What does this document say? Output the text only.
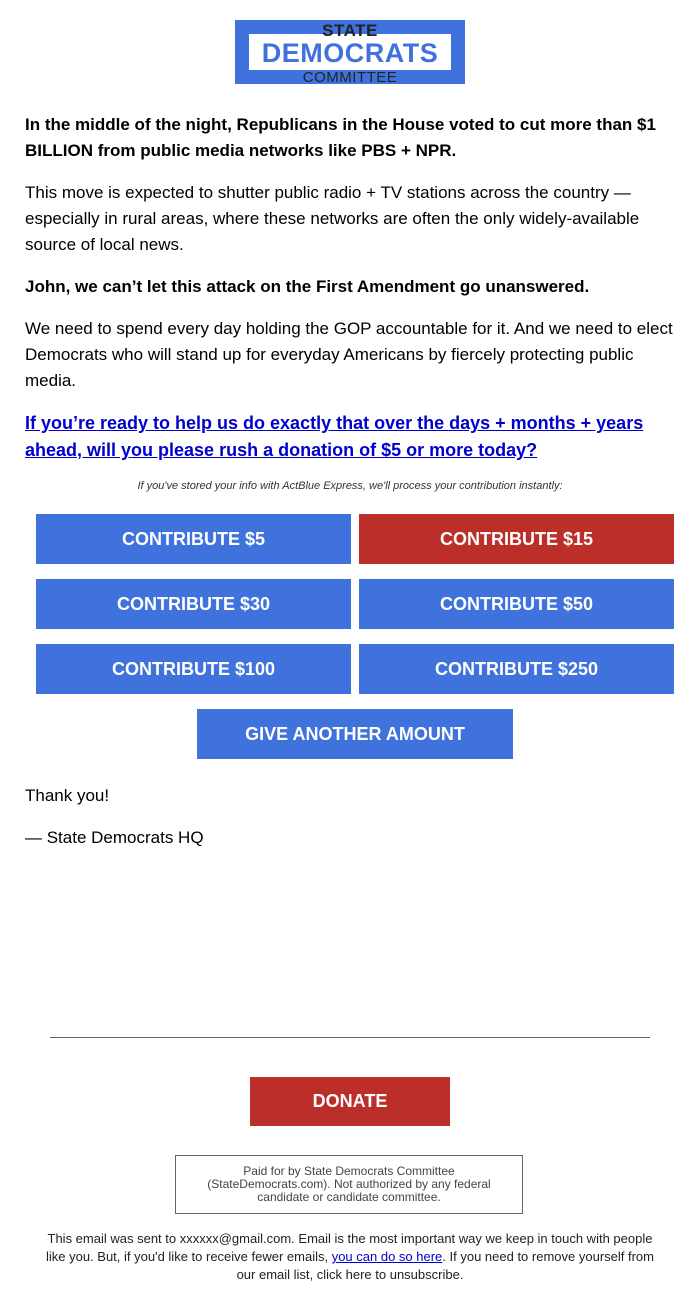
STATE
DEMOCRATS
COMMITTEE

In the middle of the night, Republicans in the House voted to cut more than $1 BILLION from public media networks like PBS + NPR.

This move is expected to shutter public radio + TV stations across the country — especially in rural areas, where these networks are often the only widely-available source of local news.

John, we can’t let this attack on the First Amendment go unanswered.

We need to spend every day holding the GOP accountable for it. And we need to elect Democrats who will stand up for everyday Americans by fiercely protecting public media.

If you’re ready to help us do exactly that over the days + months + years ahead, will you please rush a donation of $5 or more today?

If you've stored your info with ActBlue Express, we'll process your contribution instantly:
CONTRIBUTE $5	CONTRIBUTE $15
CONTRIBUTE $30	CONTRIBUTE $50
CONTRIBUTE $100	CONTRIBUTE $250
GIVE ANOTHER AMOUNT
Thank you!
— State Democrats HQ
DONATE
Paid for by State Democrats Committee
(StateDemocrats.com). Not authorized by any federal
candidate or candidate committee.
This email was sent to xxxxxx@gmail.com. Email is the most important way we keep in touch with people like you. But, if you'd like to receive fewer emails, you can do so here. If you need to remove yourself from our email list, click here to unsubscribe.
